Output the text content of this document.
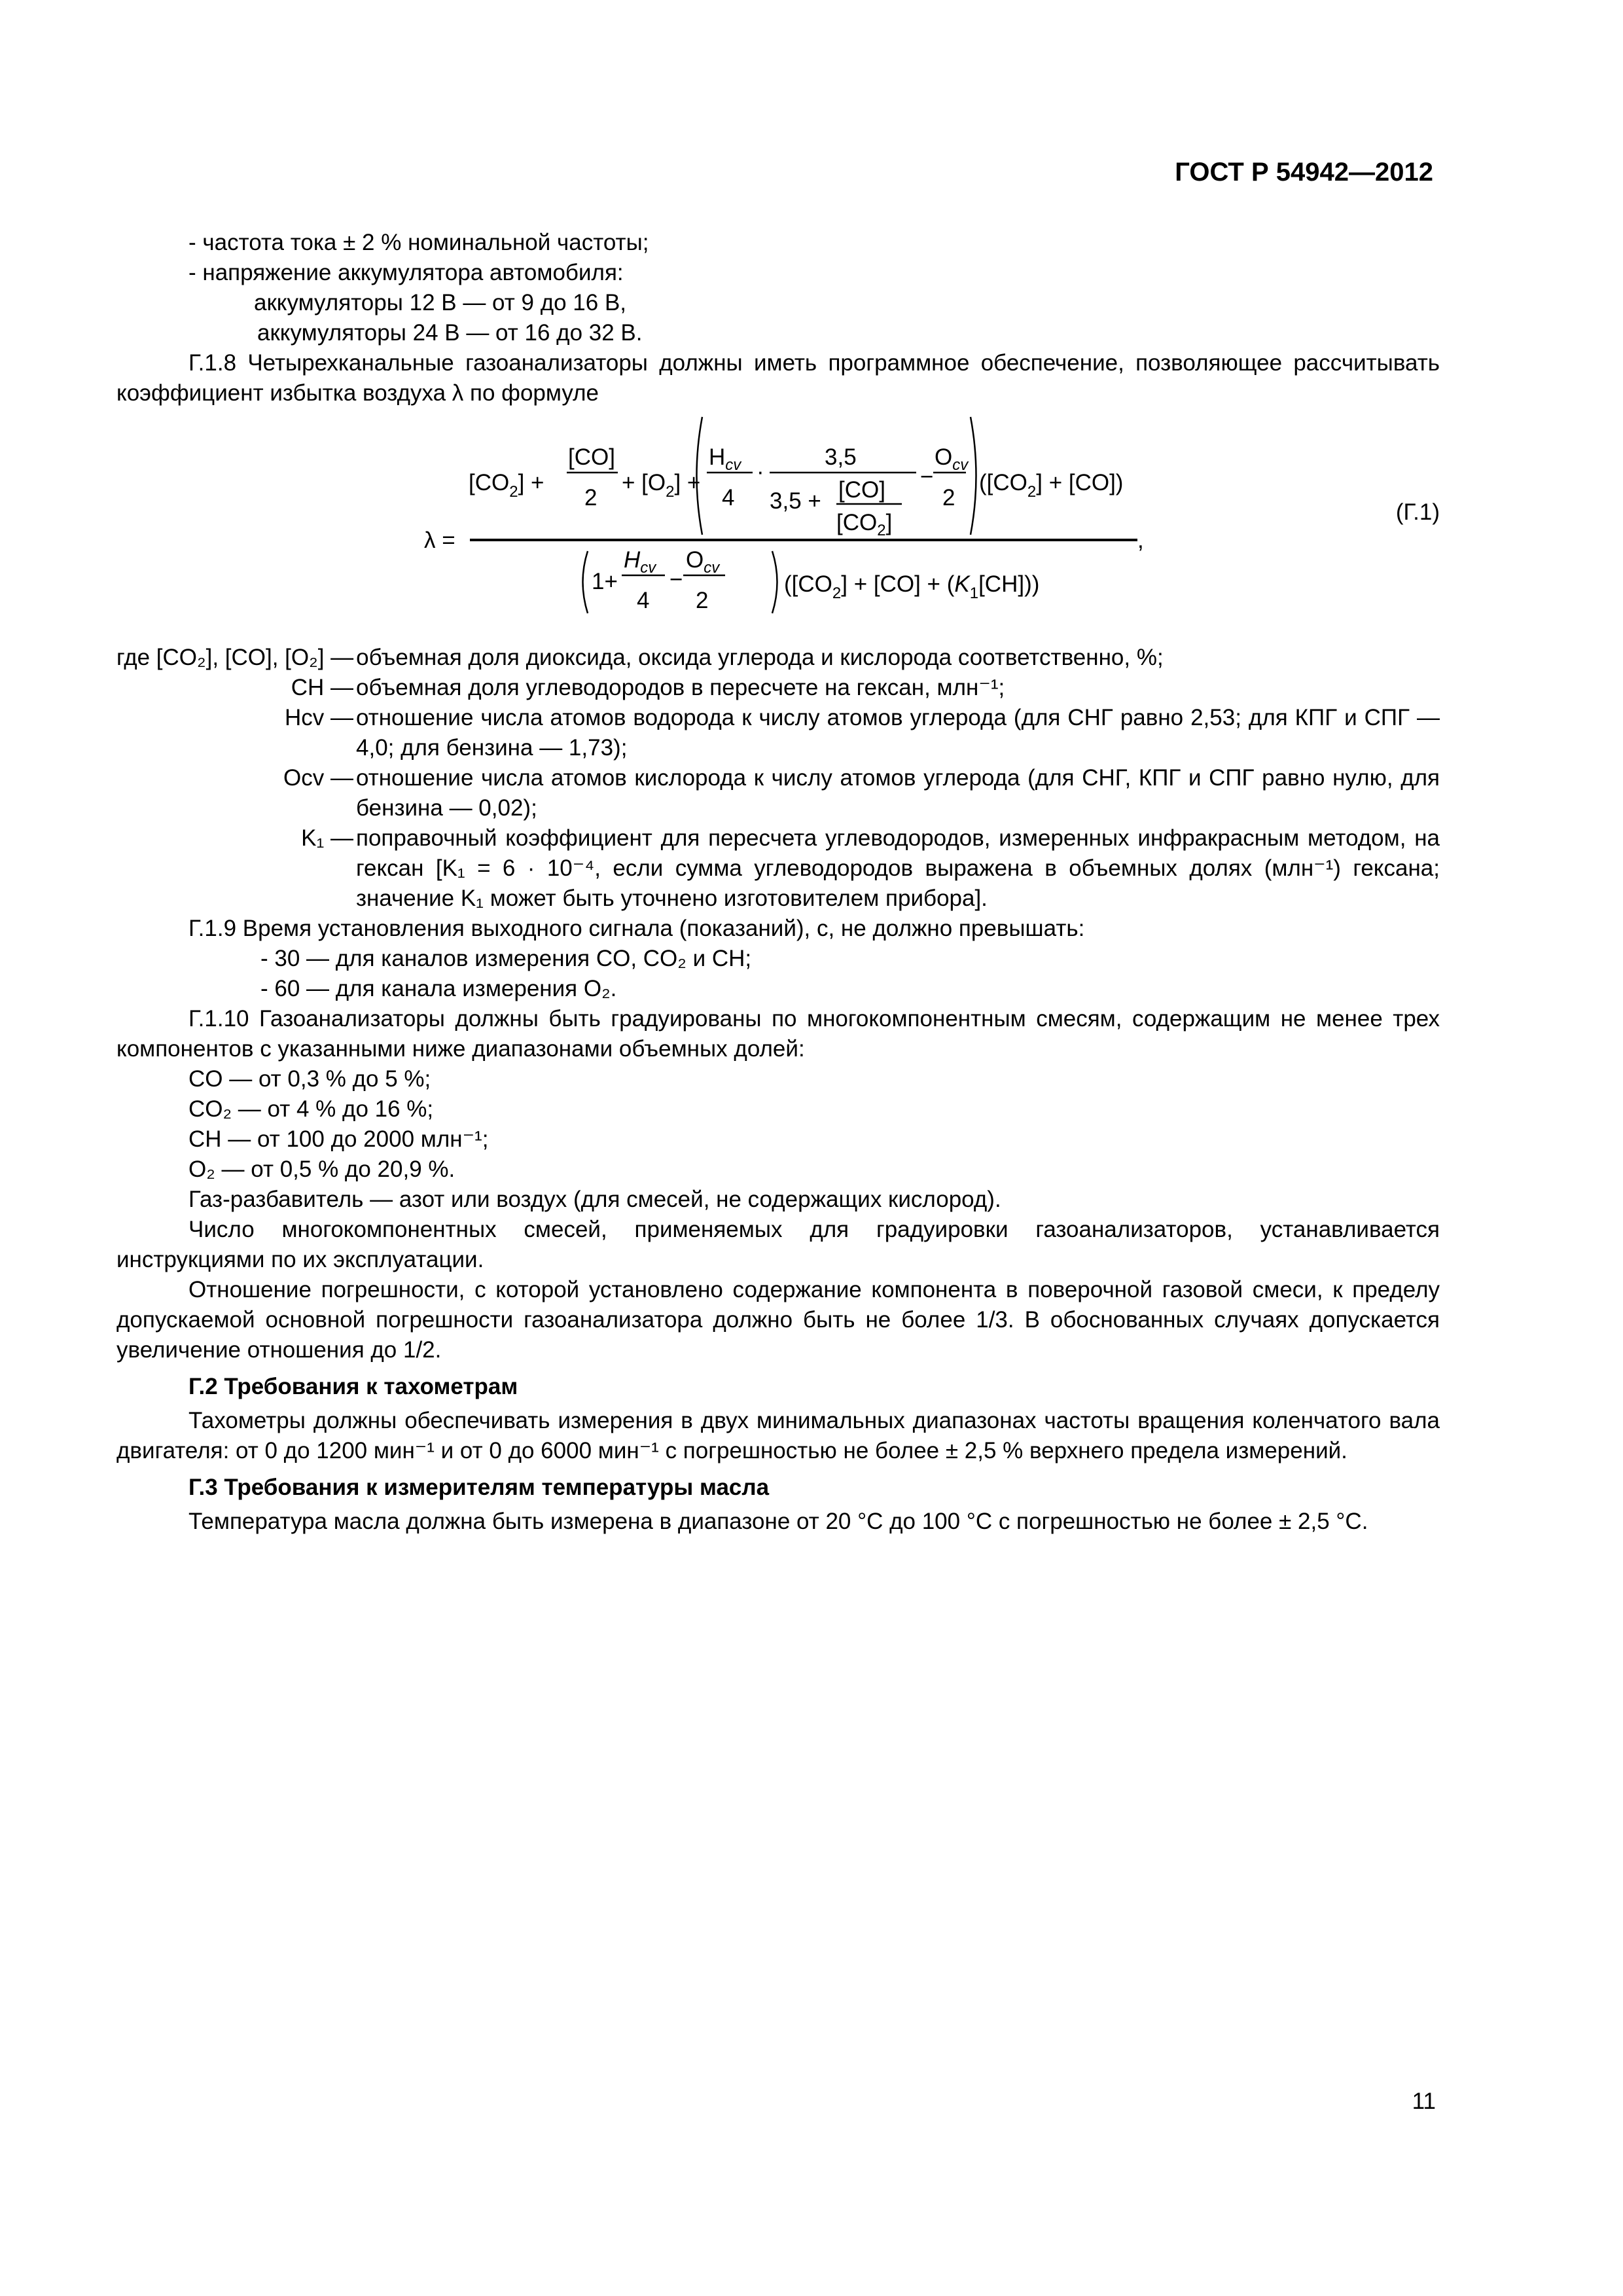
ГОСТ Р 54942—2012

- частота тока ± 2 % номинальной частоты;

- напряжение аккумулятора автомобиля:

аккумуляторы 12 В — от 9 до 16 В,

аккумуляторы 24 В — от 16 до 32 В.

Г.1.8 Четырехканальные газоанализаторы должны иметь программное обеспечение, позволяющее рассчитывать коэффициент избытка воздуха λ по формуле

λ =	,
$[CO_2]$ +
[CO]
2
+ $[O_2]$ +
$H_{cv}$
4
·
3,5
3,5 + [CO]
$[CO_2]$
−
$O_{cv}$
2
$([CO_2] + [CO])$
1+
$H_{cv}$
4
−
$O_{cv}$
2
$([CO_2] + [CO] + (K_1[CH]))$
(Г.1)
где [CO₂], [CO], [O₂] — объемная доля диоксида, оксида углерода и кислорода соответственно, %;
CH — объемная доля углеводородов в пересчете на гексан, млн⁻¹;
Hcv — отношение числа атомов водорода к числу атомов углерода (для СНГ равно 2,53; для КПГ и СПГ — 4,0; для бензина — 1,73);
Ocv — отношение числа атомов кислорода к числу атомов углерода (для СНГ, КПГ и СПГ равно нулю, для бензина — 0,02);
K₁ — поправочный коэффициент для пересчета углеводородов, измеренных инфракрасным методом, на гексан [K₁ = 6 · 10⁻⁴, если сумма углеводородов выражена в объемных долях (млн⁻¹) гексана; значение K₁ может быть уточнено изготовителем прибора].

Г.1.9 Время установления выходного сигнала (показаний), с, не должно превышать:

- 30 — для каналов измерения CO, CO₂ и CH;

- 60 — для канала измерения O₂.

Г.1.10 Газоанализаторы должны быть градуированы по многокомпонентным смесям, содержащим не менее трех компонентов с указанными ниже диапазонами объемных долей:

CO — от 0,3 % до 5 %;

CO₂ — от 4 % до 16 %;

CH — от 100 до 2000 млн⁻¹;

O₂ — от 0,5 % до 20,9 %.

Газ-разбавитель — азот или воздух (для смесей, не содержащих кислород).

Число многокомпонентных смесей, применяемых для градуировки газоанализаторов, устанавливается инструкциями по их эксплуатации.

Отношение погрешности, с которой установлено содержание компонента в поверочной газовой смеси, к пределу допускаемой основной погрешности газоанализатора должно быть не более 1/3. В обоснованных случаях допускается увеличение отношения до 1/2.

Г.2 Требования к тахометрам

Тахометры должны обеспечивать измерения в двух минимальных диапазонах частоты вращения коленчатого вала двигателя: от 0 до 1200 мин⁻¹ и от 0 до 6000 мин⁻¹ с погрешностью не более ± 2,5 % верхнего предела измерений.

Г.3 Требования к измерителям температуры масла

Температура масла должна быть измерена в диапазоне от 20 °C до 100 °C с погрешностью не более ± 2,5 °C.

11
